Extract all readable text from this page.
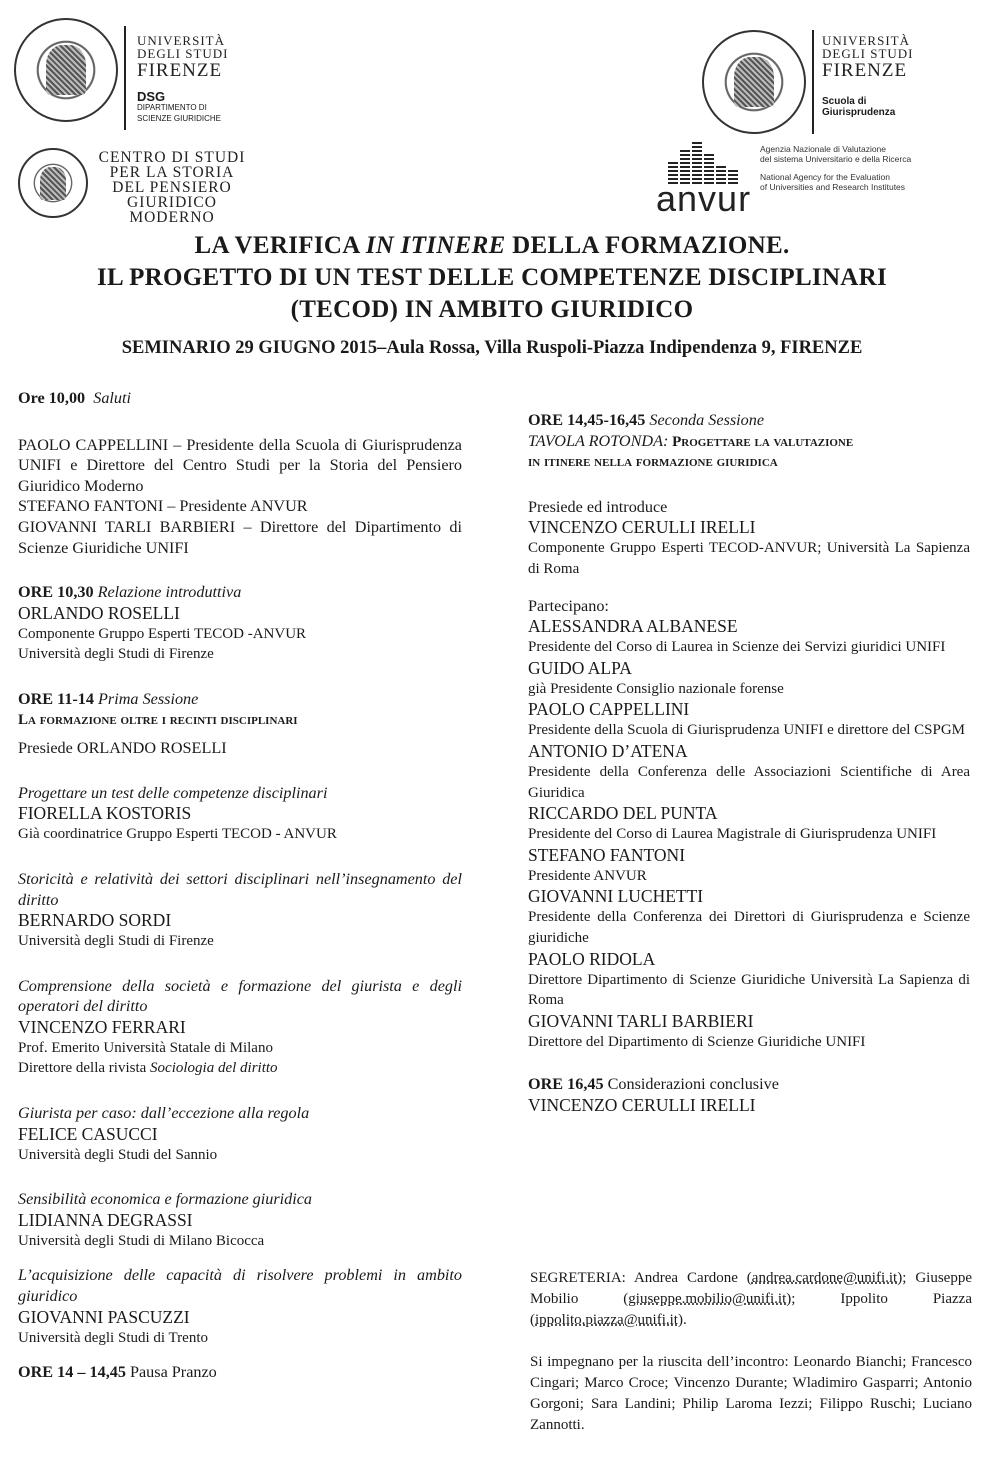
UNIVERSITÀ
DEGLI STUDI
FIRENZE
DSG
DIPARTIMENTO DI
SCIENZE GIURIDICHE
CENTRO DI STUDI
PER LA STORIA
DEL PENSIERO
GIURIDICO MODERNO
UNIVERSITÀ
DEGLI STUDI
FIRENZE
Scuola di
Giurisprudenza
anvur
Agenzia Nazionale di Valutazione
del sistema Universitario e della Ricerca
National Agency for the Evaluation
of Universities and Research Institutes
LA VERIFICA IN ITINERE DELLA FORMAZIONE.
IL PROGETTO DI UN TEST DELLE COMPETENZE DISCIPLINARI
(TECOD) IN AMBITO GIURIDICO
SEMINARIO 29 GIUGNO 2015–Aula Rossa, Villa Ruspoli-Piazza Indipendenza 9, FIRENZE

Ore 10,00 Saluti

PAOLO CAPPELLINI – Presidente della Scuola di Giurisprudenza UNIFI e Direttore del Centro Studi per la Storia del Pensiero Giuridico Moderno

STEFANO FANTONI – Presidente ANVUR

GIOVANNI TARLI BARBIERI – Direttore del Dipartimento di Scienze Giuridiche UNIFI

ORE 10,30 Relazione introduttiva

ORLANDO ROSELLI

Componente Gruppo Esperti TECOD -ANVUR

Università degli Studi di Firenze

ORE 11-14 Prima Sessione

La formazione oltre i recinti disciplinari

Presiede ORLANDO ROSELLI

Progettare un test delle competenze disciplinari

FIORELLA KOSTORIS

Già coordinatrice Gruppo Esperti TECOD - ANVUR

Storicità e relatività dei settori disciplinari nell’insegnamento del diritto

BERNARDO SORDI

Università degli Studi di Firenze

Comprensione della società e formazione del giurista e degli operatori del diritto

VINCENZO FERRARI

Prof. Emerito Università Statale di Milano

Direttore della rivista Sociologia del diritto

Giurista per caso: dall’eccezione alla regola

FELICE CASUCCI

Università degli Studi del Sannio

Sensibilità economica e formazione giuridica

LIDIANNA DEGRASSI

Università degli Studi di Milano Bicocca

L’acquisizione delle capacità di risolvere problemi in ambito giuridico

GIOVANNI PASCUZZI

Università degli Studi di Trento

ORE 14 – 14,45 Pausa Pranzo

ORE 14,45-16,45 Seconda Sessione

TAVOLA ROTONDA: Progettare la valutazione

in itinere nella formazione giuridica

Presiede ed introduce

VINCENZO CERULLI IRELLI

Componente Gruppo Esperti TECOD-ANVUR; Università La Sapienza di Roma

Partecipano:

ALESSANDRA ALBANESE

Presidente del Corso di Laurea in Scienze dei Servizi giuridici UNIFI

GUIDO ALPA

già Presidente Consiglio nazionale forense

PAOLO CAPPELLINI

Presidente della Scuola di Giurisprudenza UNIFI e direttore del CSPGM

ANTONIO D’ATENA

Presidente della Conferenza delle Associazioni Scientifiche di Area Giuridica

RICCARDO DEL PUNTA

Presidente del Corso di Laurea Magistrale di Giurisprudenza UNIFI

STEFANO FANTONI

Presidente ANVUR

GIOVANNI LUCHETTI

Presidente della Conferenza dei Direttori di Giurisprudenza e Scienze giuridiche

PAOLO RIDOLA

Direttore Dipartimento di Scienze Giuridiche Università La Sapienza di Roma

GIOVANNI TARLI BARBIERI

Direttore del Dipartimento di Scienze Giuridiche UNIFI

ORE 16,45 Considerazioni conclusive

VINCENZO CERULLI IRELLI

SEGRETERIA: Andrea Cardone (andrea.cardone@unifi.it); Giuseppe Mobilio (giuseppe.mobilio@unifi.it); Ippolito Piazza (ippolito.piazza@unifi.it).
Si impegnano per la riuscita dell’incontro: Leonardo Bianchi; Francesco Cingari; Marco Croce; Vincenzo Durante; Wladimiro Gasparri; Antonio Gorgoni; Sara Landini; Philip Laroma Iezzi; Filippo Ruschi; Luciano Zannotti.
